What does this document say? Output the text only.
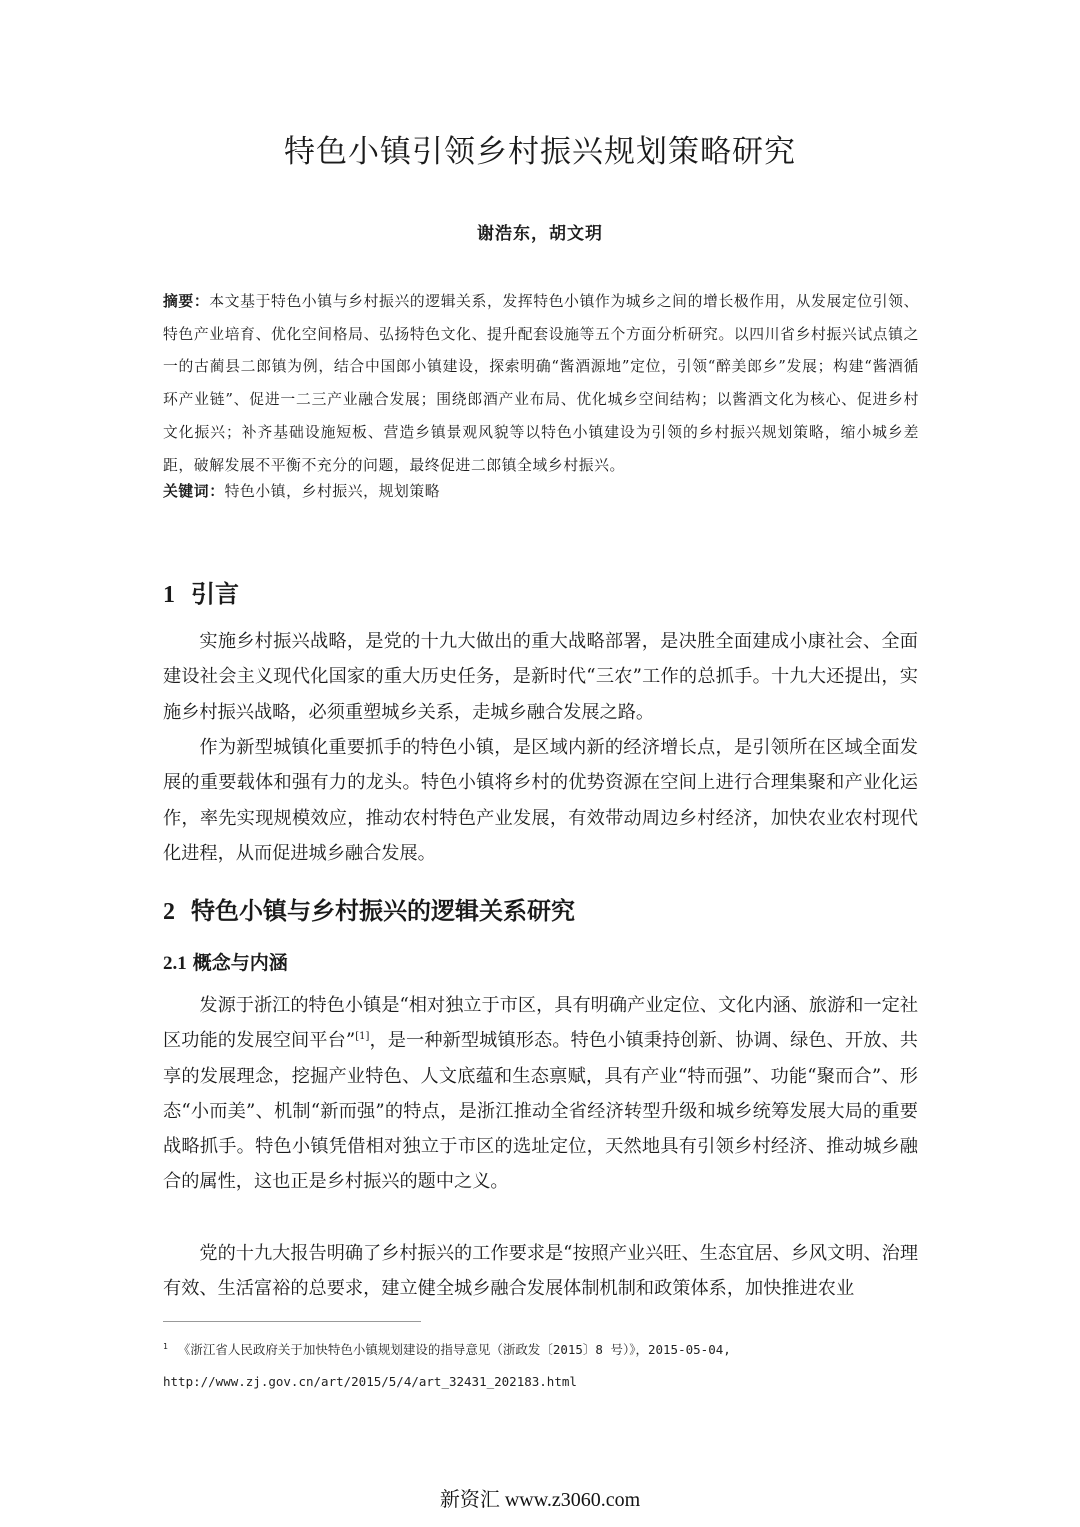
特色小镇引领乡村振兴规划策略研究
谢浩东，胡文玥
摘要：本文基于特色小镇与乡村振兴的逻辑关系，发挥特色小镇作为城乡之间的增长极作用，从发展定位引领、特色产业培育、优化空间格局、弘扬特色文化、提升配套设施等五个方面分析研究。以四川省乡村振兴试点镇之一的古蔺县二郎镇为例，结合中国郎小镇建设，探索明确“酱酒源地”定位，引领“醉美郎乡”发展；构建“酱酒循环产业链”、促进一二三产业融合发展；围绕郎酒产业布局、优化城乡空间结构；以酱酒文化为核心、促进乡村文化振兴；补齐基础设施短板、营造乡镇景观风貌等以特色小镇建设为引领的乡村振兴规划策略，缩小城乡差距，破解发展不平衡不充分的问题，最终促进二郎镇全域乡村振兴。
关键词：特色小镇，乡村振兴，规划策略
1 引言

实施乡村振兴战略，是党的十九大做出的重大战略部署，是决胜全面建成小康社会、全面建设社会主义现代化国家的重大历史任务，是新时代“三农”工作的总抓手。十九大还提出，实施乡村振兴战略，必须重塑城乡关系，走城乡融合发展之路。

作为新型城镇化重要抓手的特色小镇，是区域内新的经济增长点，是引领所在区域全面发展的重要载体和强有力的龙头。特色小镇将乡村的优势资源在空间上进行合理集聚和产业化运作，率先实现规模效应，推动农村特色产业发展，有效带动周边乡村经济，加快农业农村现代化进程，从而促进城乡融合发展。

2 特色小镇与乡村振兴的逻辑关系研究
2.1 概念与内涵

发源于浙江的特色小镇是“相对独立于市区，具有明确产业定位、文化内涵、旅游和一定社区功能的发展空间平台”[1]，是一种新型城镇形态。特色小镇秉持创新、协调、绿色、开放、共享的发展理念，挖掘产业特色、人文底蕴和生态禀赋，具有产业“特而强”、功能“聚而合”、形态“小而美”、机制“新而强”的特点，是浙江推动全省经济转型升级和城乡统筹发展大局的重要战略抓手。特色小镇凭借相对独立于市区的选址定位，天然地具有引领乡村经济、推动城乡融合的属性，这也正是乡村振兴的题中之义。

党的十九大报告明确了乡村振兴的工作要求是“按照产业兴旺、生态宜居、乡风文明、治理有效、生活富裕的总要求，建立健全城乡融合发展体制机制和政策体系，加快推进农业

$^1$ 《浙江省人民政府关于加快特色小镇规划建设的指导意见（浙政发〔2015〕8 号）》，2015-05-04,
http://www.zj.gov.cn/art/2015/5/4/art_32431_202183.html
新资汇 www.z3060.com
